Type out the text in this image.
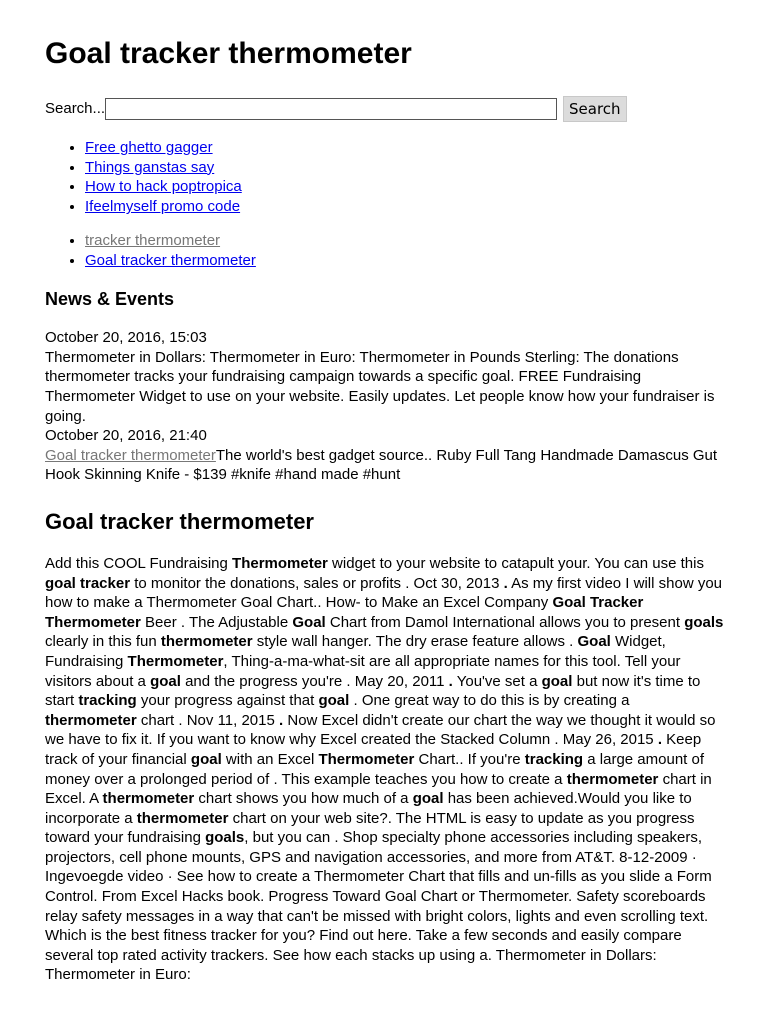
Goal tracker thermometer
Search...	Search
• Free ghetto gagger
• Things ganstas say
• How to hack poptropica
• Ifeelmyself promo code
• tracker thermometer
• Goal tracker thermometer
News & Events
October 20, 2016, 15:03
Thermometer in Dollars: Thermometer in Euro: Thermometer in Pounds Sterling: The donations thermometer tracks your fundraising campaign towards a specific goal. FREE Fundraising Thermometer Widget to use on your website. Easily updates. Let people know how your fundraiser is going.
October 20, 2016, 21:40
Goal tracker thermometerThe world's best gadget source.. Ruby Full Tang Handmade Damascus Gut Hook Skinning Knife - $139 #knife #hand made #hunt
Goal tracker thermometer
Add this COOL Fundraising Thermometer widget to your website to catapult your. You can use this goal tracker to monitor the donations, sales or profits . Oct 30, 2013 . As my first video I will show you how to make a Thermometer Goal Chart.. How- to Make an Excel Company Goal Tracker Thermometer Beer . The Adjustable Goal Chart from Damol International allows you to present goals clearly in this fun thermometer style wall hanger. The dry erase feature allows . Goal Widget, Fundraising Thermometer, Thing-a-ma-what-sit are all appropriate names for this tool. Tell your visitors about a goal and the progress you're . May 20, 2011 . You've set a goal but now it's time to start tracking your progress against that goal . One great way to do this is by creating a thermometer chart . Nov 11, 2015 . Now Excel didn't create our chart the way we thought it would so we have to fix it. If you want to know why Excel created the Stacked Column . May 26, 2015 . Keep track of your financial goal with an Excel Thermometer Chart.. If you're tracking a large amount of money over a prolonged period of . This example teaches you how to create a thermometer chart in Excel. A thermometer chart shows you how much of a goal has been achieved.Would you like to incorporate a thermometer chart on your web site?. The HTML is easy to update as you progress toward your fundraising goals, but you can . Shop specialty phone accessories including speakers, projectors, cell phone mounts, GPS and navigation accessories, and more from AT&T. 8-12-2009 · Ingevoegde video · See how to create a Thermometer Chart that fills and un-fills as you slide a Form Control. From Excel Hacks book. Progress Toward Goal Chart or Thermometer. Safety scoreboards relay safety messages in a way that can't be missed with bright colors, lights and even scrolling text. Which is the best fitness tracker for you? Find out here. Take a few seconds and easily compare several top rated activity trackers. See how each stacks up using a. Thermometer in Dollars: Thermometer in Euro:
